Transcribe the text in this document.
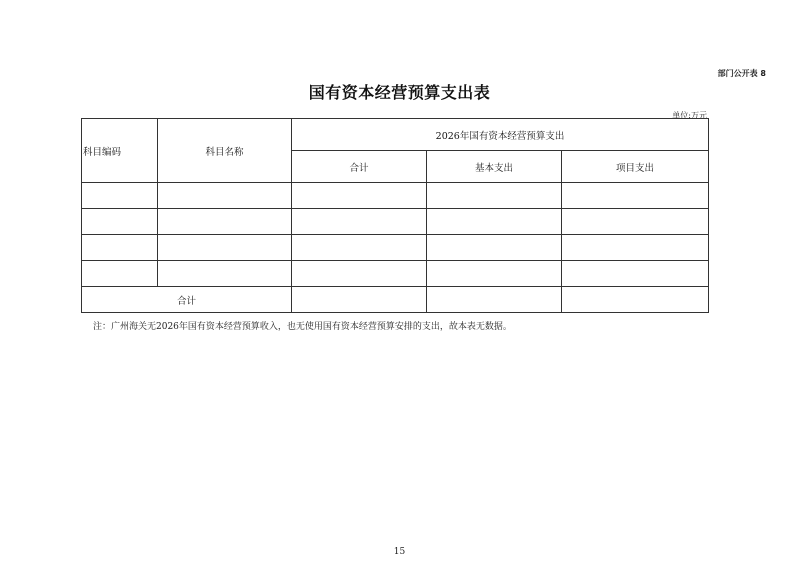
部门公开表 8
国有资本经营预算支出表
单位:万元
科目编码	科目名称	2026年国有资本经营预算支出		
		合计	基本支出	项目支出

合计				
注：广州海关无2026年国有资本经营预算收入，也无使用国有资本经营预算安排的支出，故本表无数据。
15
